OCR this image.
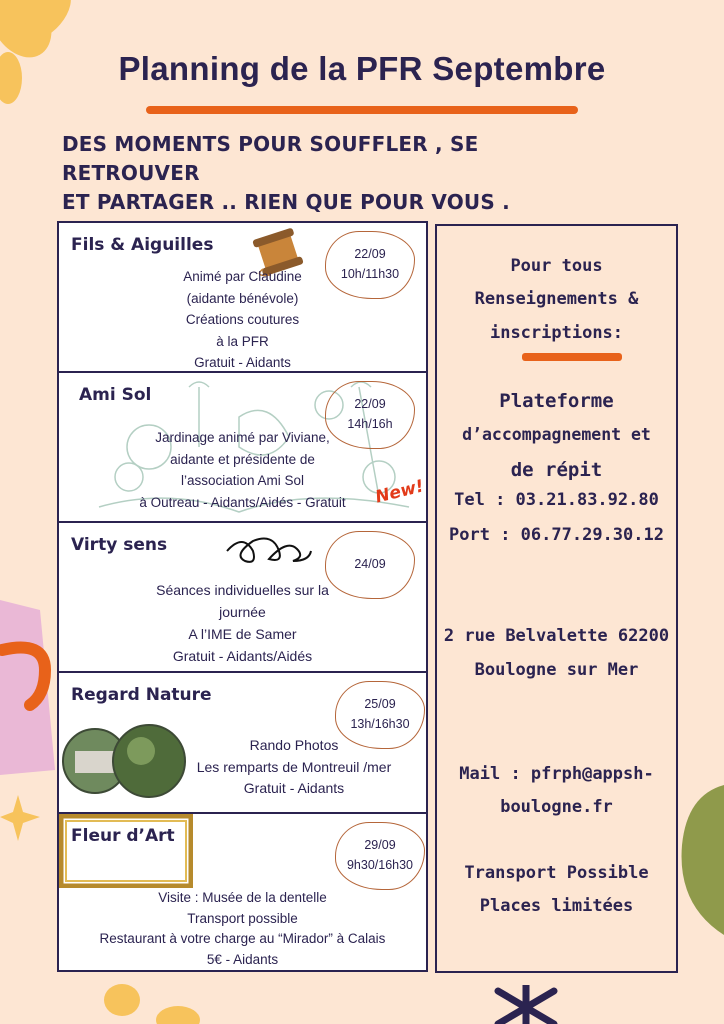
Planning de la PFR Septembre
DES MOMENTS POUR SOUFFLER , SE RETROUVER
ET PARTAGER .. RIEN QUE POUR VOUS .
Fils & Aiguilles	22/09
10h/11h30
Animé par Claudine
(aidante bénévole)
Créations coutures
à la PFR
Gratuit - Aidants
Ami Sol	22/09
14h/16h
Jardinage animé par Viviane,
aidante et présidente de
l’association Ami Sol
à Outreau - Aidants/Aidés - Gratuit
Virty sens
24/09
Séances individuelles sur la
journée
A l’IME de Samer
Gratuit - Aidants/Aidés
Regard Nature	25/09
13h/16h30
Rando Photos
Les remparts de Montreuil /mer
Gratuit - Aidants
Fleur d’Art	29/09
9h30/16h30
Visite : Musée de la dentelle
Transport possible
Restaurant à votre charge au “Mirador” à Calais
5€ - Aidants
New!
Pour tous
Renseignements &
inscriptions:
Plateforme
d’accompagnement et
de répit
Tel : 03.21.83.92.80
Port : 06.77.29.30.12
2 rue Belvalette 62200
Boulogne sur Mer
Mail : pfrph@appsh-
boulogne.fr
Transport Possible
Places limitées
